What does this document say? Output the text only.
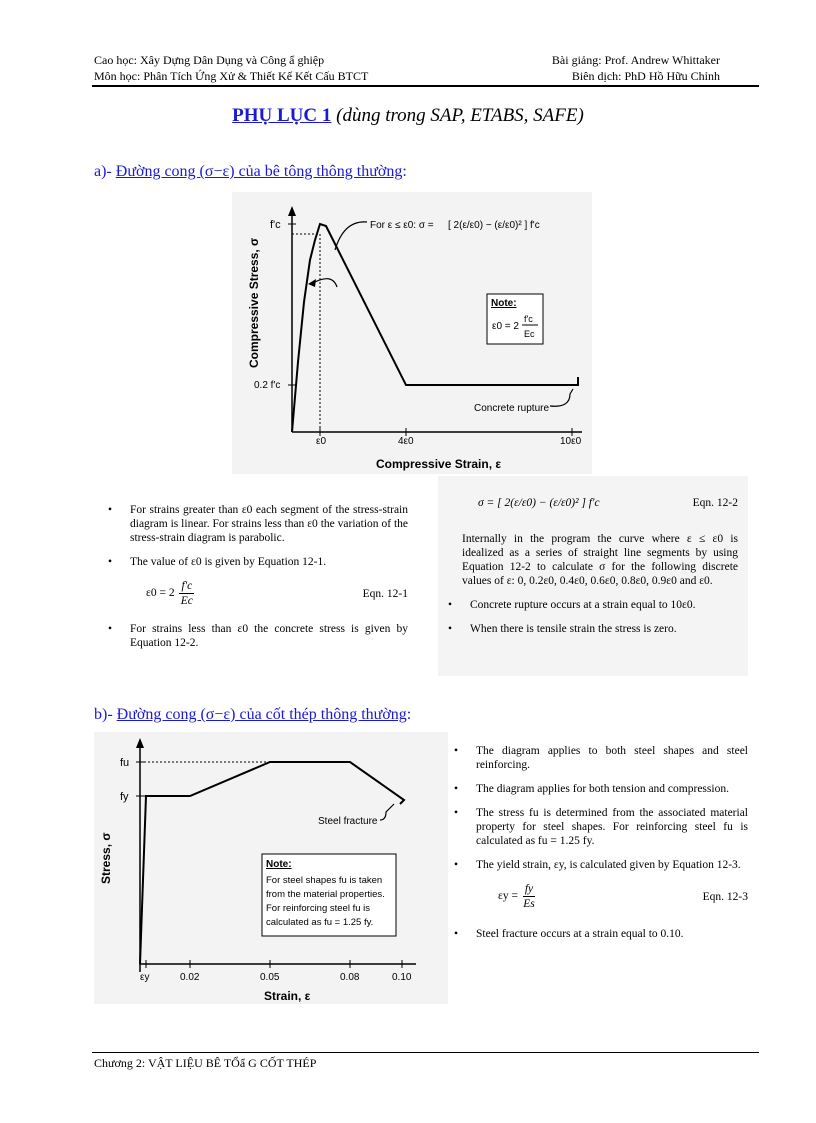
Cao học: Xây Dựng Dân Dụng và Công ẩ ghiệp
Môn học: Phân Tích Ứng Xử & Thiết Kế Kết Cấu BTCT
Bài giảng: Prof. Andrew Whittaker
Biên dịch: PhD Hồ Hữu Chỉnh
PHỤ LỤC 1 (dùng trong SAP, ETABS, SAFE)
a)- Đường cong (σ−ε) của bê tông thông thường:
f'c
0.2 f'c
ε0	4ε0	10ε0
Compressive Strain, ε
Compressive Stress, σ
For ε ≤ ε0: σ = [ 2(ε/ε0) − (ε/ε0)² ] f'c
Note:
ε0 = 2
f'c
Ec
Concrete rupture
•	For strains greater than ε0 each segment of the stress-strain diagram is linear. For strains less than ε0 the variation of the stress-strain diagram is parabolic.
•	The value of ε0 is given by Equation 12-1.
$\varepsilon 0 = 2 \frac{f'c}{Ec}$	Eqn. 12-1
•	For strains less than ε0 the concrete stress is given by Equation 12-2.
σ = [ 2(ε/ε0) − (ε/ε0)² ] f'c	Eqn. 12-2
Internally in the program the curve where ε ≤ ε0 is idealized as a series of straight line segments by using Equation 12-2 to calculate σ for the following discrete values of ε: 0, 0.2ε0, 0.4ε0, 0.6ε0, 0.8ε0, 0.9ε0 and ε0.
•	Concrete rupture occurs at a strain equal to 10ε0.
•	When there is tensile strain the stress is zero.
b)- Đường cong (σ−ε) của cốt thép thông thường:
fu
fy
εy	0.02	0.05	0.08	0.10
Strain, ε
Stress, σ
Steel fracture
Note:
For steel shapes fu is taken
from the material properties.
For reinforcing steel fu is
calculated as fu = 1.25 fy.
•	The diagram applies to both steel shapes and steel reinforcing.
•	The diagram applies for both tension and compression.
•	The stress fu is determined from the associated material property for steel shapes. For reinforcing steel fu is calculated as fu = 1.25 fy.
•	The yield strain, εy, is calculated given by Equation 12-3.
$\varepsilon y = \frac{fy}{Es}$	Eqn. 12-3
•	Steel fracture occurs at a strain equal to 0.10.
Chương 2: VẬT LIỆU BÊ TỔẩ G CỐT THÉP
